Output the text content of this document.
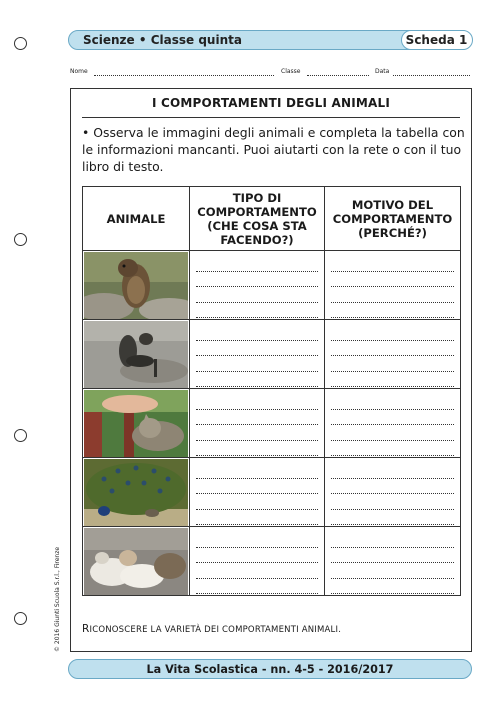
Scienze • Classe quinta	Scheda 1
Nome	Classe	Data
I COMPORTAMENTI DEGLI ANIMALI
• Osserva le immagini degli animali e completa la tabella con le informazioni mancanti. Puoi aiutarti con la rete o con il tuo libro di testo.
ANIMALE	TIPO DI COMPORTAMENTO (CHE COSA STA FACENDO?)	MOTIVO DEL COMPORTAMENTO (PERCHÉ?)

RICONOSCERE LA VARIETÀ DEI COMPORTAMENTI ANIMALI.
La Vita Scolastica - nn. 4-5 - 2016/2017
© 2016 Giunti Scuola S.r.l., Firenze
